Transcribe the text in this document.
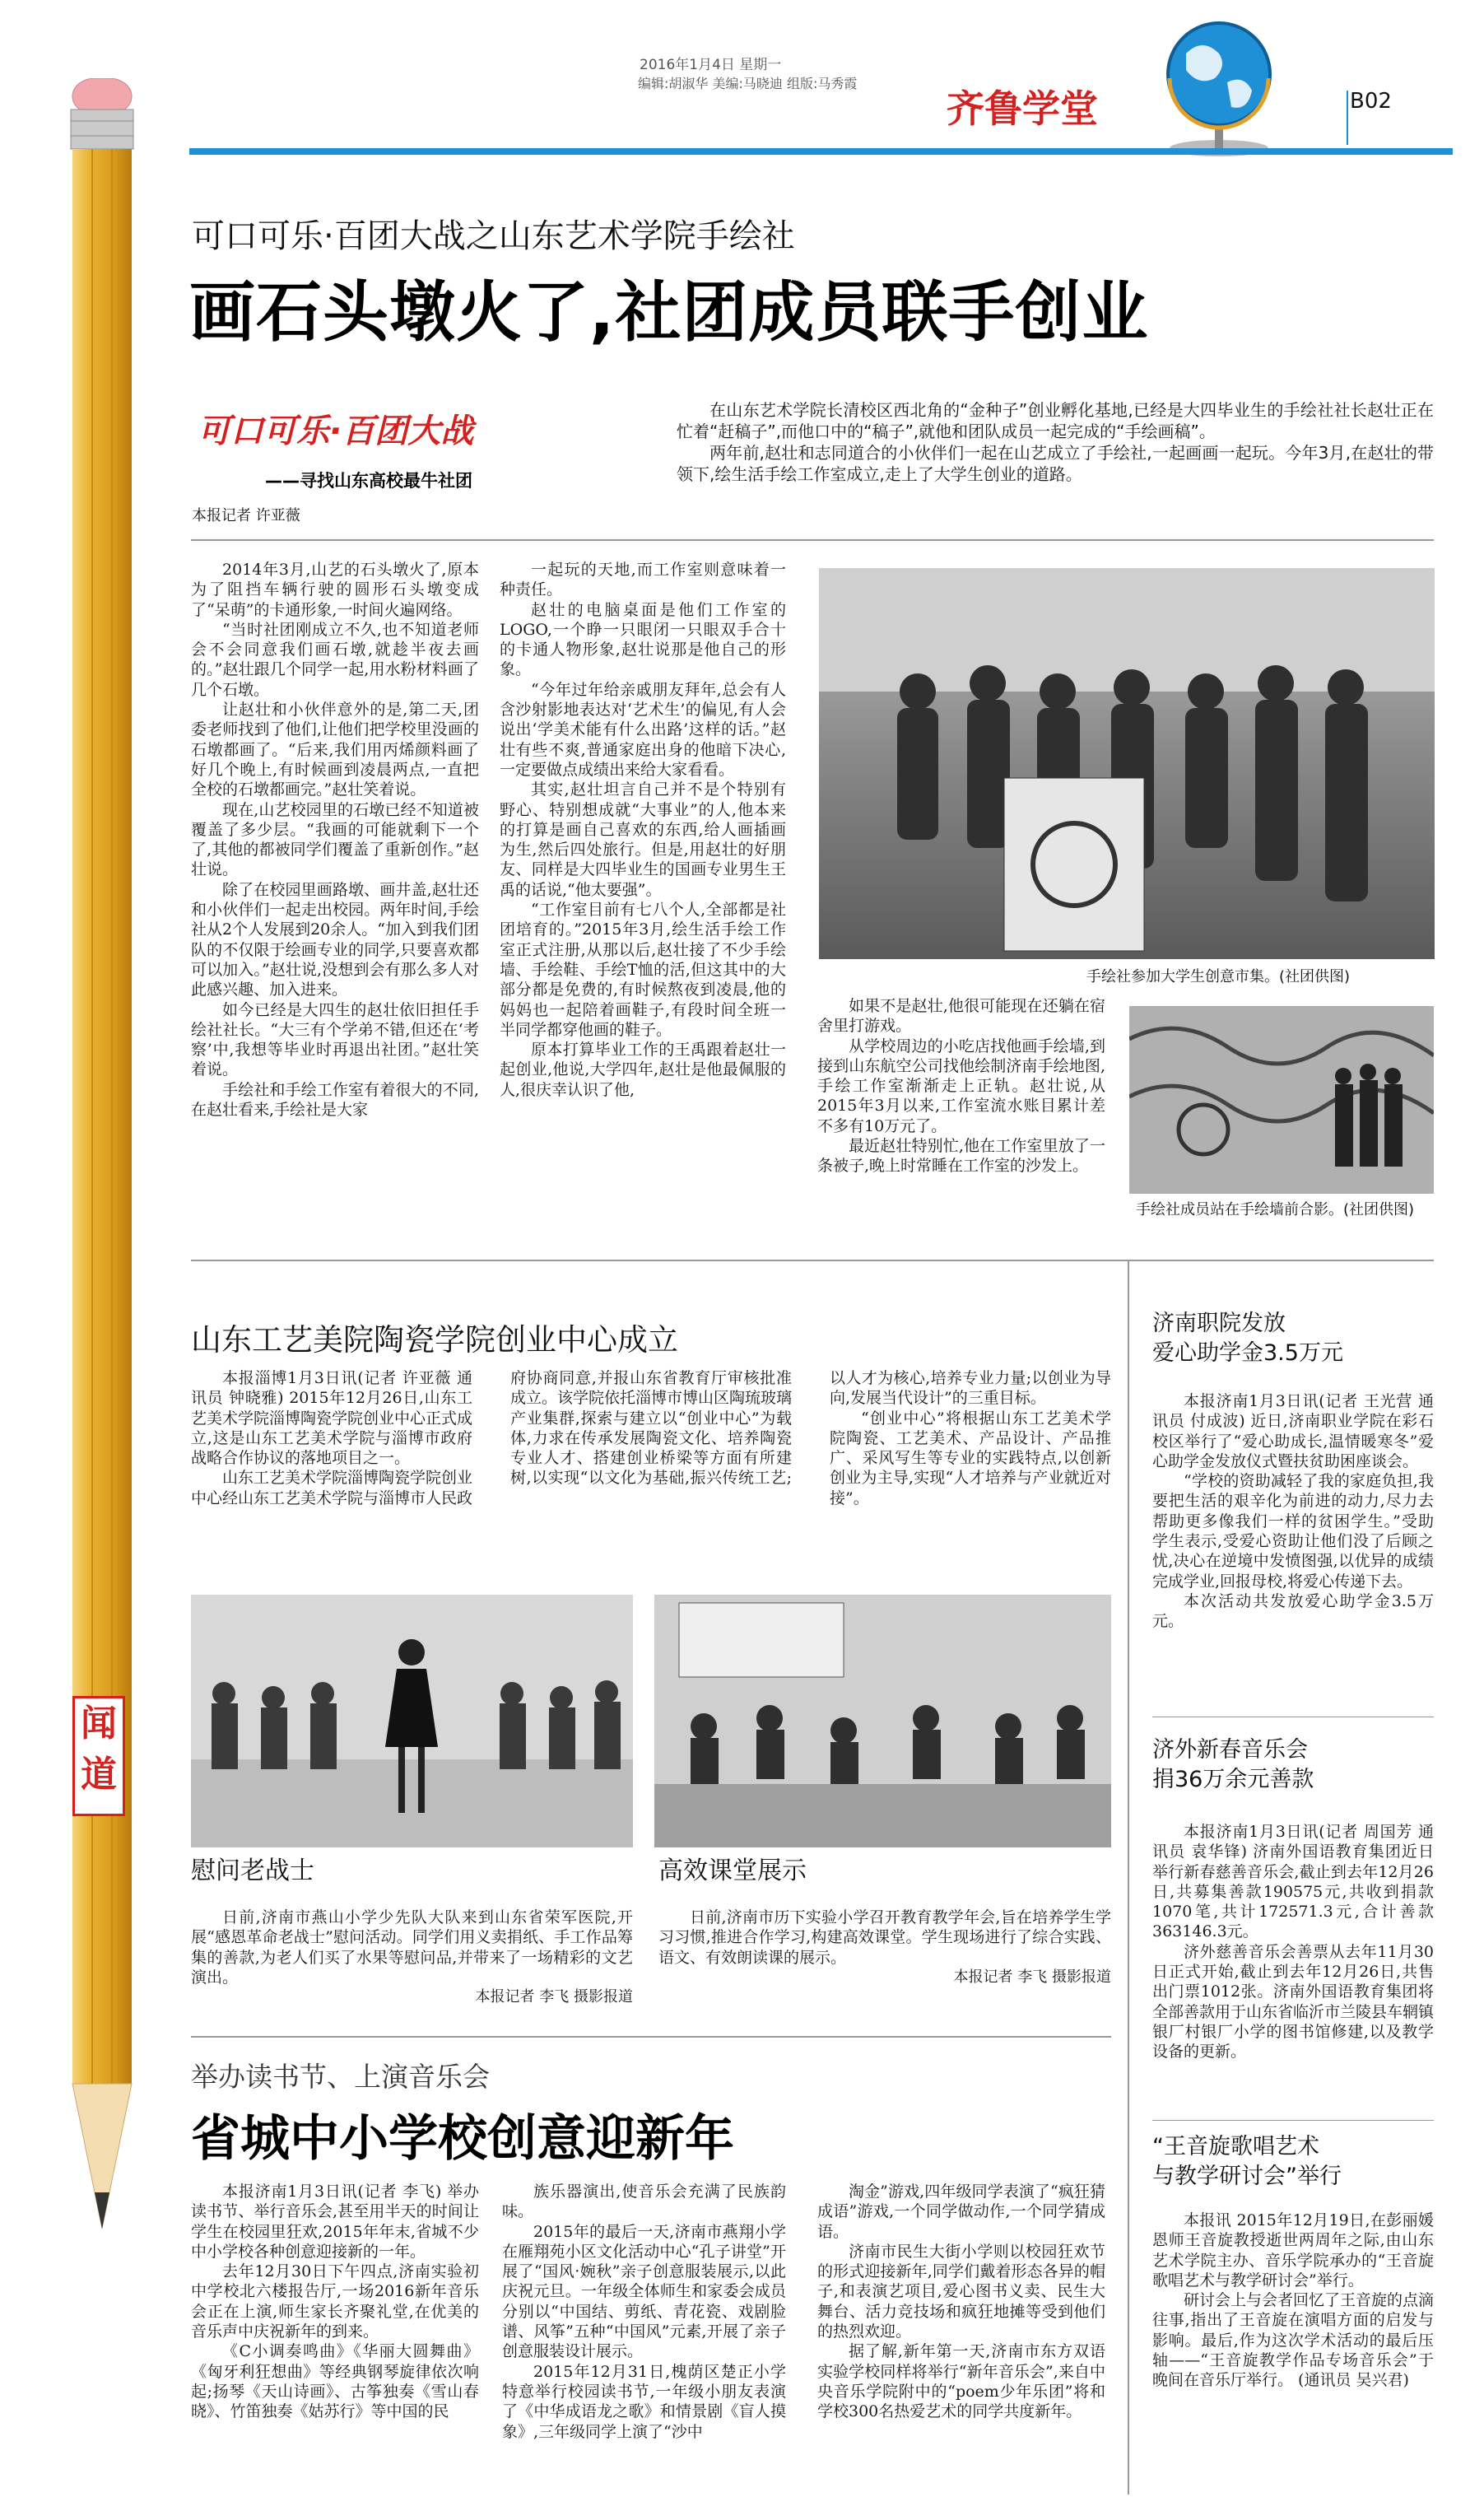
闻道
2016年1月4日 星期一
编辑:胡淑华 美编:马晓迪 组版:马秀霞
齐鲁学堂	B02
可口可乐·百团大战之山东艺术学院手绘社
画石头墩火了,社团成员联手创业
可口可乐·百团大战
——寻找山东高校最牛社团
本报记者 许亚薇

在山东艺术学院长清校区西北角的“金种子”创业孵化基地,已经是大四毕业生的手绘社社长赵壮正在忙着“赶稿子”,而他口中的“稿子”,就他和团队成员一起完成的“手绘画稿”。

两年前,赵壮和志同道合的小伙伴们一起在山艺成立了手绘社,一起画画一起玩。今年3月,在赵壮的带领下,绘生活手绘工作室成立,走上了大学生创业的道路。

2014年3月,山艺的石头墩火了,原本为了阻挡车辆行驶的圆形石头墩变成了“呆萌”的卡通形象,一时间火遍网络。

“当时社团刚成立不久,也不知道老师会不会同意我们画石墩,就趁半夜去画的。”赵壮跟几个同学一起,用水粉材料画了几个石墩。

让赵壮和小伙伴意外的是,第二天,团委老师找到了他们,让他们把学校里没画的石墩都画了。“后来,我们用丙烯颜料画了好几个晚上,有时候画到凌晨两点,一直把全校的石墩都画完。”赵壮笑着说。

现在,山艺校园里的石墩已经不知道被覆盖了多少层。“我画的可能就剩下一个了,其他的都被同学们覆盖了重新创作。”赵壮说。

除了在校园里画路墩、画井盖,赵壮还和小伙伴们一起走出校园。两年时间,手绘社从2个人发展到20余人。“加入到我们团队的不仅限于绘画专业的同学,只要喜欢都可以加入。”赵壮说,没想到会有那么多人对此感兴趣、加入进来。

如今已经是大四生的赵壮依旧担任手绘社社长。“大三有个学弟不错,但还在‘考察’中,我想等毕业时再退出社团。”赵壮笑着说。

手绘社和手绘工作室有着很大的不同,在赵壮看来,手绘社是大家

一起玩的天地,而工作室则意味着一种责任。

赵壮的电脑桌面是他们工作室的LOGO,一个睁一只眼闭一只眼双手合十的卡通人物形象,赵壮说那是他自己的形象。

“今年过年给亲戚朋友拜年,总会有人含沙射影地表达对‘艺术生’的偏见,有人会说出‘学美术能有什么出路’这样的话。”赵壮有些不爽,普通家庭出身的他暗下决心,一定要做点成绩出来给大家看看。

其实,赵壮坦言自己并不是个特别有野心、特别想成就“大事业”的人,他本来的打算是画自己喜欢的东西,给人画插画为生,然后四处旅行。但是,用赵壮的好朋友、同样是大四毕业生的国画专业男生王禹的话说,“他太要强”。

“工作室目前有七八个人,全部都是社团培育的。”2015年3月,绘生活手绘工作室正式注册,从那以后,赵壮接了不少手绘墙、手绘鞋、手绘T恤的活,但这其中的大部分都是免费的,有时候熬夜到凌晨,他的妈妈也一起陪着画鞋子,有段时间全班一半同学都穿他画的鞋子。

原本打算毕业工作的王禹跟着赵壮一起创业,他说,大学四年,赵壮是他最佩服的人,很庆幸认识了他,

如果不是赵壮,他很可能现在还躺在宿舍里打游戏。

从学校周边的小吃店找他画手绘墙,到接到山东航空公司找他绘制济南手绘地图,手绘工作室渐渐走上正轨。赵壮说,从2015年3月以来,工作室流水账目累计差不多有10万元了。

最近赵壮特别忙,他在工作室里放了一条被子,晚上时常睡在工作室的沙发上。

手绘社参加大学生创意市集。(社团供图)
手绘社成员站在手绘墙前合影。(社团供图)
山东工艺美院陶瓷学院创业中心成立

本报淄博1月3日讯(记者 许亚薇 通讯员 钟晓雅) 2015年12月26日,山东工艺美术学院淄博陶瓷学院创业中心正式成立,这是山东工艺美术学院与淄博市政府战略合作协议的落地项目之一。

山东工艺美术学院淄博陶瓷学院创业中心经山东工艺美术学院与淄博市人民政府协商同意,并报山东省教育厅审核批准成立。该学院依托淄博市博山区陶琉玻璃产业集群,探索与建立以“创业中心”为载体,力求在传承发展陶瓷文化、培养陶瓷专业人才、搭建创业桥梁等方面有所建树,以实现“以文化为基础,振兴传统工艺;以人才为核心,培养专业力量;以创业为导向,发展当代设计”的三重目标。

“创业中心”将根据山东工艺美术学院陶瓷、工艺美术、产品设计、产品推广、采风写生等专业的实践特点,以创新创业为主导,实现“人才培养与产业就近对接”。

慰问老战士

日前,济南市燕山小学少先队大队来到山东省荣军医院,开展“感恩革命老战士”慰问活动。同学们用义卖捐纸、手工作品筹集的善款,为老人们买了水果等慰问品,并带来了一场精彩的文艺演出。

本报记者 李飞 摄影报道
高效课堂展示

日前,济南市历下实验小学召开教育教学年会,旨在培养学生学习习惯,推进合作学习,构建高效课堂。学生现场进行了综合实践、语文、有效朗读课的展示。

本报记者 李飞 摄影报道
举办读书节、上演音乐会
省城中小学校创意迎新年

本报济南1月3日讯(记者 李飞) 举办读书节、举行音乐会,甚至用半天的时间让学生在校园里狂欢,2015年年末,省城不少中小学校各种创意迎接新的一年。

去年12月30日下午四点,济南实验初中学校北六楼报告厅,一场2016新年音乐会正在上演,师生家长齐聚礼堂,在优美的音乐声中庆祝新年的到来。

《C小调奏鸣曲》《华丽大圆舞曲》《匈牙利狂想曲》等经典钢琴旋律依次响起;扬琴《天山诗画》、古筝独奏《雪山春晓》、竹笛独奏《姑苏行》等中国的民

族乐器演出,使音乐会充满了民族韵味。

2015年的最后一天,济南市燕翔小学在雁翔苑小区文化活动中心“孔子讲堂”开展了“国风·婉秋”亲子创意服装展示,以此庆祝元旦。一年级全体师生和家委会成员分别以“中国结、剪纸、青花瓷、戏剧脸谱、风筝”五种“中国风”元素,开展了亲子创意服装设计展示。

2015年12月31日,槐荫区楚正小学特意举行校园读书节,一年级小朋友表演了《中华成语龙之歌》和情景剧《盲人摸象》,三年级同学上演了“沙中

淘金”游戏,四年级同学表演了“疯狂猜成语”游戏,一个同学做动作,一个同学猜成语。

济南市民生大街小学则以校园狂欢节的形式迎接新年,同学们戴着形态各异的帽子,和表演艺项目,爱心图书义卖、民生大舞台、活力竞技场和疯狂地摊等受到他们的热烈欢迎。

据了解,新年第一天,济南市东方双语实验学校同样将举行“新年音乐会”,来自中央音乐学院附中的“poem少年乐团”将和学校300名热爱艺术的同学共度新年。

济南职院发放
爱心助学金3.5万元

本报济南1月3日讯(记者 王光营 通讯员 付成波) 近日,济南职业学院在彩石校区举行了“爱心助成长,温情暖寒冬”爱心助学金发放仪式暨扶贫助困座谈会。

“学校的资助减轻了我的家庭负担,我要把生活的艰辛化为前进的动力,尽力去帮助更多像我们一样的贫困学生。”受助学生表示,受爱心资助让他们没了后顾之忧,决心在逆境中发愤图强,以优异的成绩完成学业,回报母校,将爱心传递下去。

本次活动共发放爱心助学金3.5万元。

济外新春音乐会
捐36万余元善款

本报济南1月3日讯(记者 周国芳 通讯员 袁华锋) 济南外国语教育集团近日举行新春慈善音乐会,截止到去年12月26日,共募集善款190575元,共收到捐款1070笔,共计172571.3元,合计善款363146.3元。

济外慈善音乐会善票从去年11月30日正式开始,截止到去年12月26日,共售出门票1012张。济南外国语教育集团将全部善款用于山东省临沂市兰陵县车辋镇银厂村银厂小学的图书馆修建,以及教学设备的更新。

“王音旋歌唱艺术
与教学研讨会”举行

本报讯 2015年12月19日,在彭丽媛恩师王音旋教授逝世两周年之际,由山东艺术学院主办、音乐学院承办的“王音旋歌唱艺术与教学研讨会”举行。

研讨会上与会者回忆了王音旋的点滴往事,指出了王音旋在演唱方面的启发与影响。最后,作为这次学术活动的最后压轴——“王音旋教学作品专场音乐会”于晚间在音乐厅举行。 (通讯员 吴兴君)
